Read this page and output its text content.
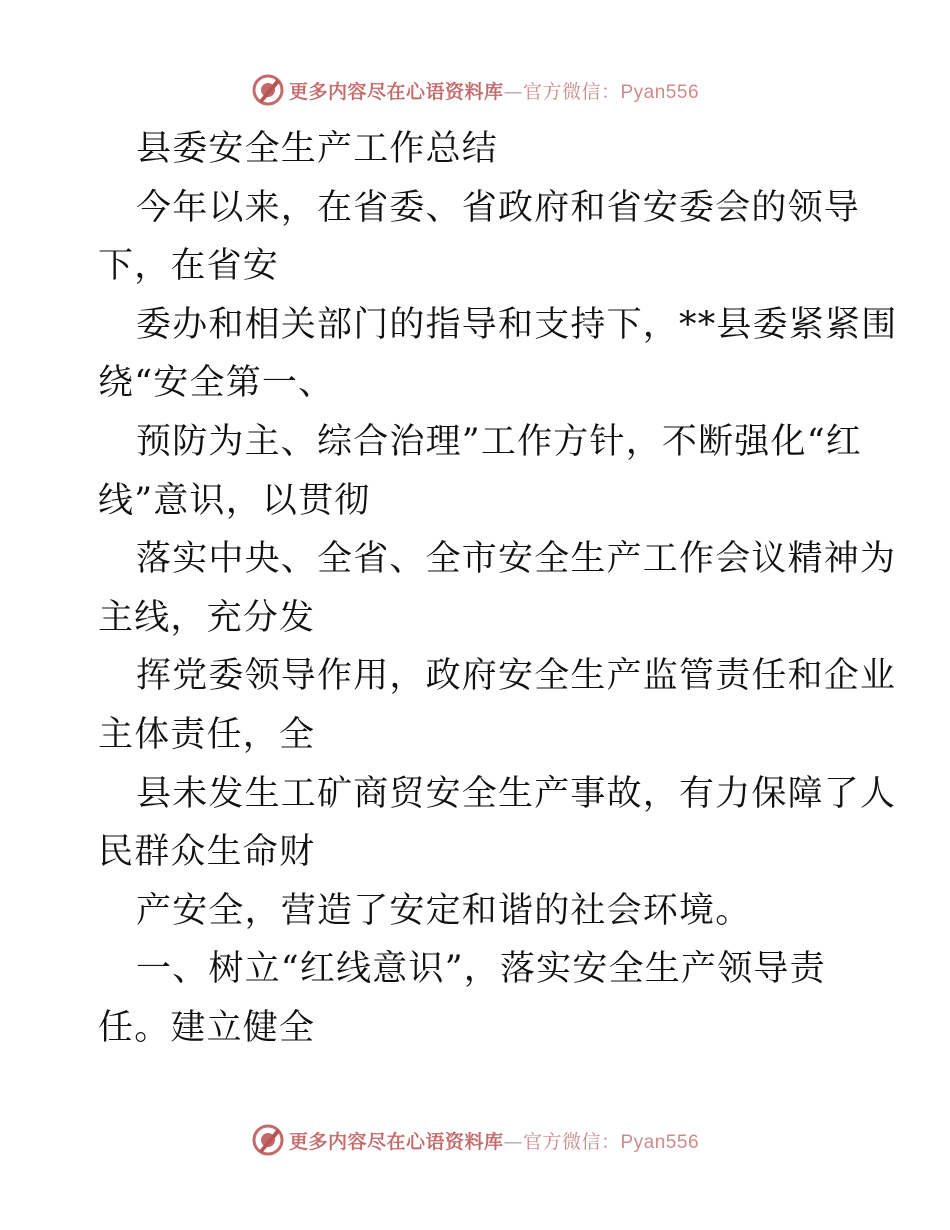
更多内容尽在心语资料库—官方微信：Pyan556
县委安全生产工作总结
今年以来，在省委、省政府和省安委会的领导
下，在省安
委办和相关部门的指导和支持下，**县委紧紧围
绕“安全第一、
预防为主、综合治理”工作方针，不断强化“红
线”意识，以贯彻
落实中央、全省、全市安全生产工作会议精神为
主线，充分发
挥党委领导作用，政府安全生产监管责任和企业
主体责任，全
县未发生工矿商贸安全生产事故，有力保障了人
民群众生命财
产安全，营造了安定和谐的社会环境。
一、树立“红线意识”，落实安全生产领导责
任。建立健全
更多内容尽在心语资料库—官方微信：Pyan556
